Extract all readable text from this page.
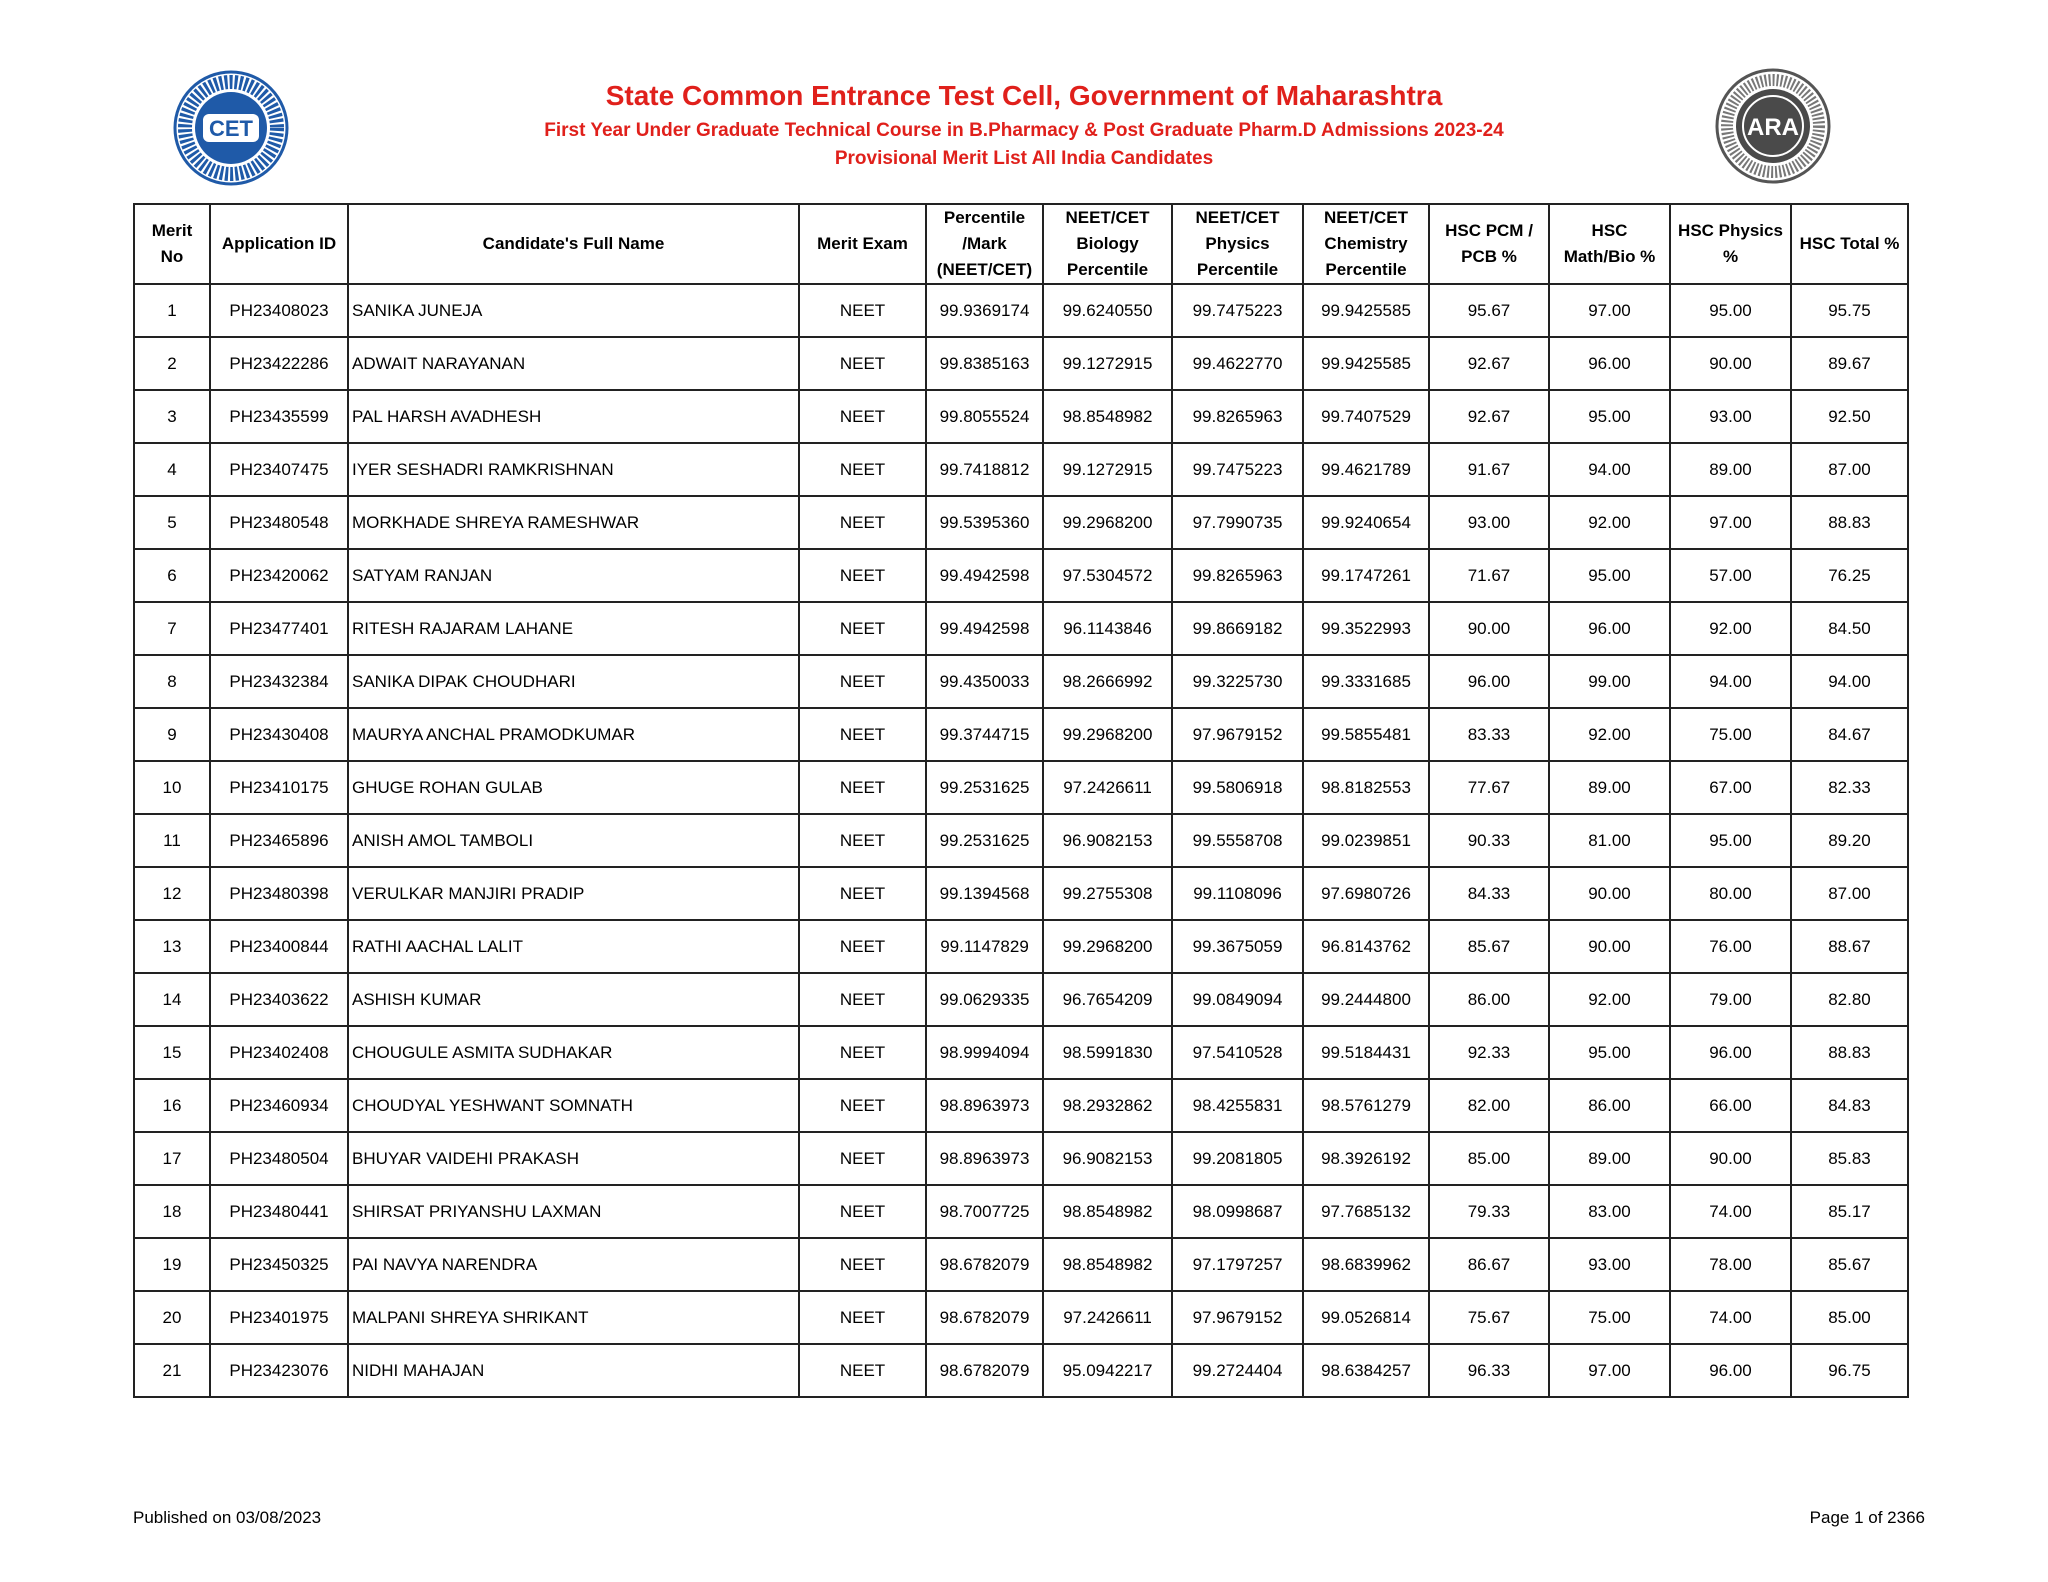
CET	ARA
State Common Entrance Test Cell, Government of Maharashtra
First Year Under Graduate Technical Course in B.Pharmacy & Post Graduate Pharm.D Admissions 2023-24
Provisional Merit List All India Candidates
Merit No	Application ID	Candidate's Full Name	Merit Exam	Percentile /Mark (NEET/CET)	NEET/CET Biology Percentile	NEET/CET Physics Percentile	NEET/CET Chemistry Percentile	HSC PCM / PCB %	HSC Math/Bio %	HSC Physics %	HSC Total %
1	PH23408023	SANIKA JUNEJA	NEET	99.9369174	99.6240550	99.7475223	99.9425585	95.67	97.00	95.00	95.75
2	PH23422286	ADWAIT NARAYANAN	NEET	99.8385163	99.1272915	99.4622770	99.9425585	92.67	96.00	90.00	89.67
3	PH23435599	PAL HARSH AVADHESH	NEET	99.8055524	98.8548982	99.8265963	99.7407529	92.67	95.00	93.00	92.50
4	PH23407475	IYER SESHADRI RAMKRISHNAN	NEET	99.7418812	99.1272915	99.7475223	99.4621789	91.67	94.00	89.00	87.00
5	PH23480548	MORKHADE SHREYA RAMESHWAR	NEET	99.5395360	99.2968200	97.7990735	99.9240654	93.00	92.00	97.00	88.83
6	PH23420062	SATYAM RANJAN	NEET	99.4942598	97.5304572	99.8265963	99.1747261	71.67	95.00	57.00	76.25
7	PH23477401	RITESH RAJARAM LAHANE	NEET	99.4942598	96.1143846	99.8669182	99.3522993	90.00	96.00	92.00	84.50
8	PH23432384	SANIKA DIPAK CHOUDHARI	NEET	99.4350033	98.2666992	99.3225730	99.3331685	96.00	99.00	94.00	94.00
9	PH23430408	MAURYA ANCHAL PRAMODKUMAR	NEET	99.3744715	99.2968200	97.9679152	99.5855481	83.33	92.00	75.00	84.67
10	PH23410175	GHUGE ROHAN GULAB	NEET	99.2531625	97.2426611	99.5806918	98.8182553	77.67	89.00	67.00	82.33
11	PH23465896	ANISH AMOL TAMBOLI	NEET	99.2531625	96.9082153	99.5558708	99.0239851	90.33	81.00	95.00	89.20
12	PH23480398	VERULKAR MANJIRI PRADIP	NEET	99.1394568	99.2755308	99.1108096	97.6980726	84.33	90.00	80.00	87.00
13	PH23400844	RATHI AACHAL LALIT	NEET	99.1147829	99.2968200	99.3675059	96.8143762	85.67	90.00	76.00	88.67
14	PH23403622	ASHISH KUMAR	NEET	99.0629335	96.7654209	99.0849094	99.2444800	86.00	92.00	79.00	82.80
15	PH23402408	CHOUGULE ASMITA SUDHAKAR	NEET	98.9994094	98.5991830	97.5410528	99.5184431	92.33	95.00	96.00	88.83
16	PH23460934	CHOUDYAL YESHWANT SOMNATH	NEET	98.8963973	98.2932862	98.4255831	98.5761279	82.00	86.00	66.00	84.83
17	PH23480504	BHUYAR VAIDEHI PRAKASH	NEET	98.8963973	96.9082153	99.2081805	98.3926192	85.00	89.00	90.00	85.83
18	PH23480441	SHIRSAT PRIYANSHU LAXMAN	NEET	98.7007725	98.8548982	98.0998687	97.7685132	79.33	83.00	74.00	85.17
19	PH23450325	PAI NAVYA NARENDRA	NEET	98.6782079	98.8548982	97.1797257	98.6839962	86.67	93.00	78.00	85.67
20	PH23401975	MALPANI SHREYA SHRIKANT	NEET	98.6782079	97.2426611	97.9679152	99.0526814	75.67	75.00	74.00	85.00
21	PH23423076	NIDHI MAHAJAN	NEET	98.6782079	95.0942217	99.2724404	98.6384257	96.33	97.00	96.00	96.75
Published on 03/08/2023	Page 1 of 2366
